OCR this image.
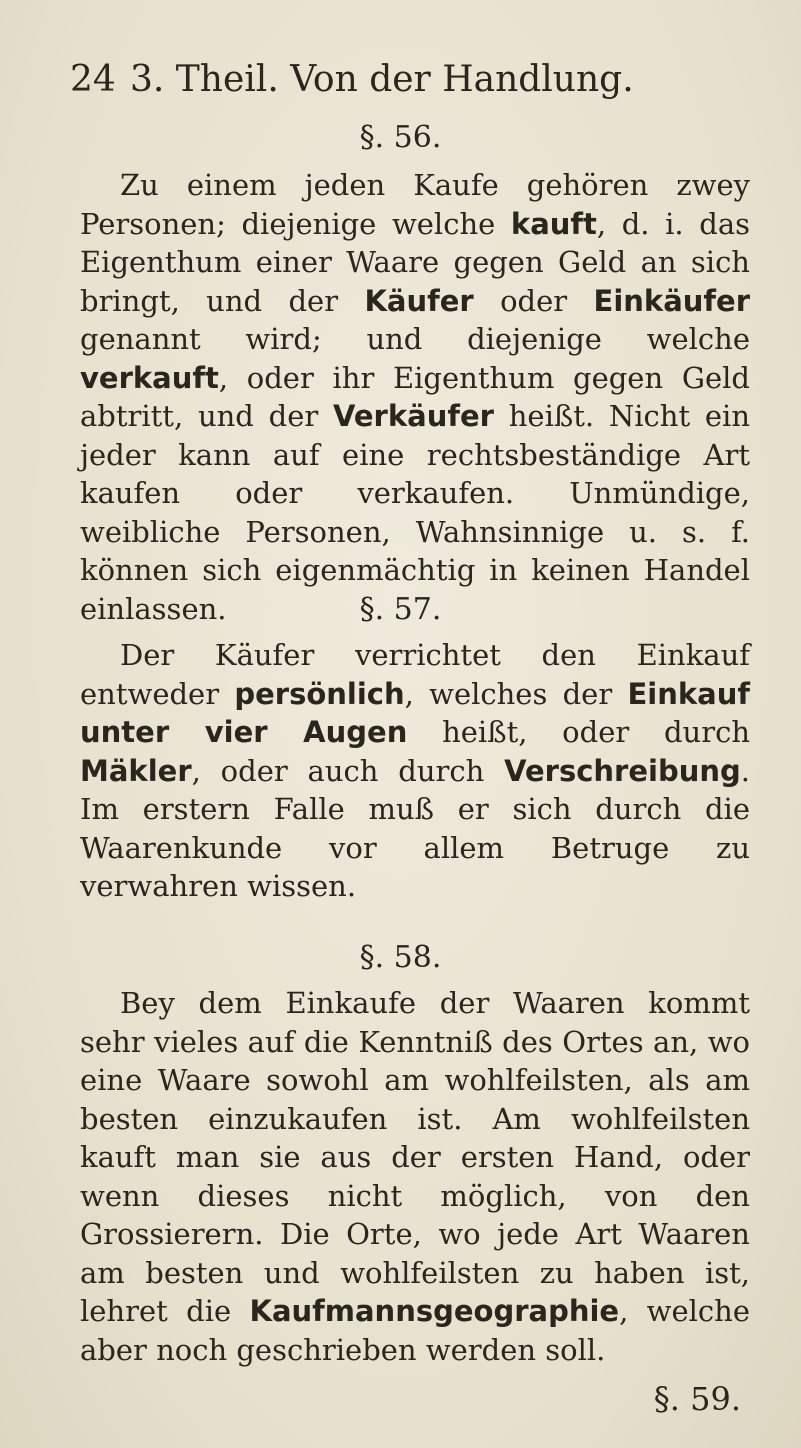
24 3. Theil. Von der Handlung.
§. 56.

Zu einem jeden Kaufe gehören zwey Personen; diejenige welche kauft, d. i. das Eigenthum einer Waare gegen Geld an sich bringt, und der Käufer oder Einkäufer genannt wird; und diejenige welche verkauft, oder ihr Eigenthum gegen Geld abtritt, und der Verkäufer heißt. Nicht ein jeder kann auf eine rechtsbeständige Art kaufen oder verkaufen. Unmündige, weibliche Personen, Wahnsinnige u. s. f. können sich eigenmächtig in keinen Handel einlassen.	§. 57.

Der Käufer verrichtet den Einkauf entweder persönlich, welches der Einkauf unter vier Augen heißt, oder durch Mäkler, oder auch durch Verschreibung. Im erstern Falle muß er sich durch die Waarenkunde vor allem Betruge zu verwahren wissen.

§. 58.

Bey dem Einkaufe der Waaren kommt sehr vieles auf die Kenntniß des Ortes an, wo eine Waare sowohl am wohlfeilsten, als am besten einzukaufen ist. Am wohlfeilsten kauft man sie aus der ersten Hand, oder wenn dieses nicht möglich, von den Grossierern. Die Orte, wo jede Art Waaren am besten und wohlfeilsten zu haben ist, lehret die Kaufmannsgeographie, welche aber noch geschrieben werden soll.

§. 59.
